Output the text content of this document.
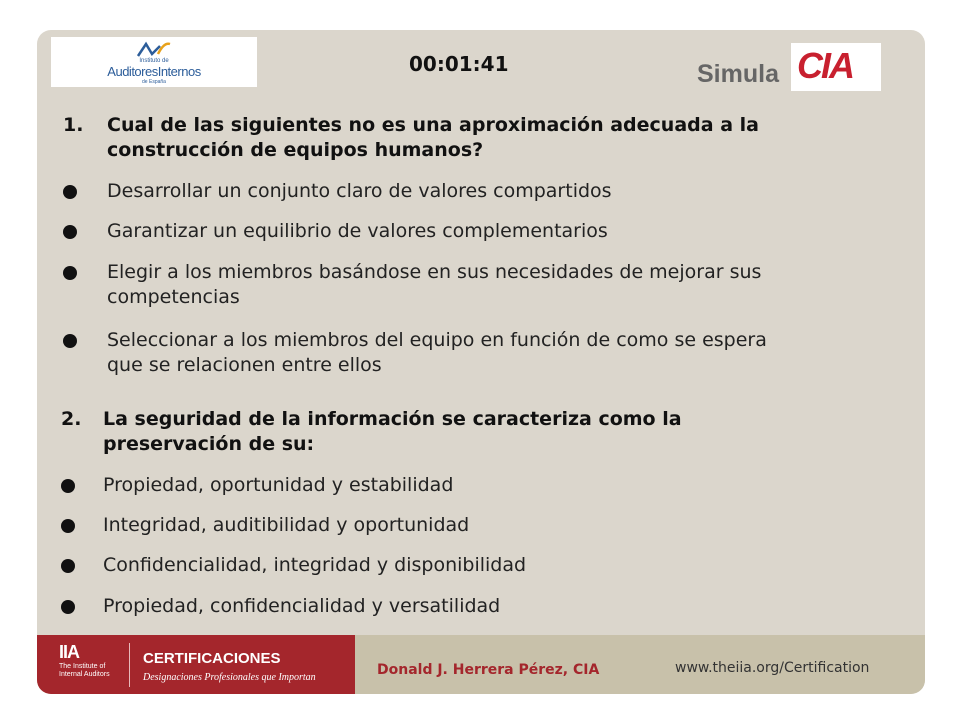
Instituto de
AuditoresInternos
de España
00:01:41	Simula CIA
1. Cual de las siguientes no es una aproximación adecuada a la
construcción de equipos humanos?
Desarrollar un conjunto claro de valores compartidos
Garantizar un equilibrio de valores complementarios
Elegir a los miembros basándose en sus necesidades de mejorar sus
competencias
Seleccionar a los miembros del equipo en función de como se espera
que se relacionen entre ellos
2. La seguridad de la información se caracteriza como la
preservación de su:
Propiedad, oportunidad y estabilidad
Integridad, auditibilidad y oportunidad
Confidencialidad, integridad y disponibilidad
Propiedad, confidencialidad y versatilidad
IIA
The Institute of
Internal Auditors
CERTIFICACIONES
Designaciones Profesionales que Importan	Donald J. Herrera Pérez, CIA	www.theiia.org/Certification
